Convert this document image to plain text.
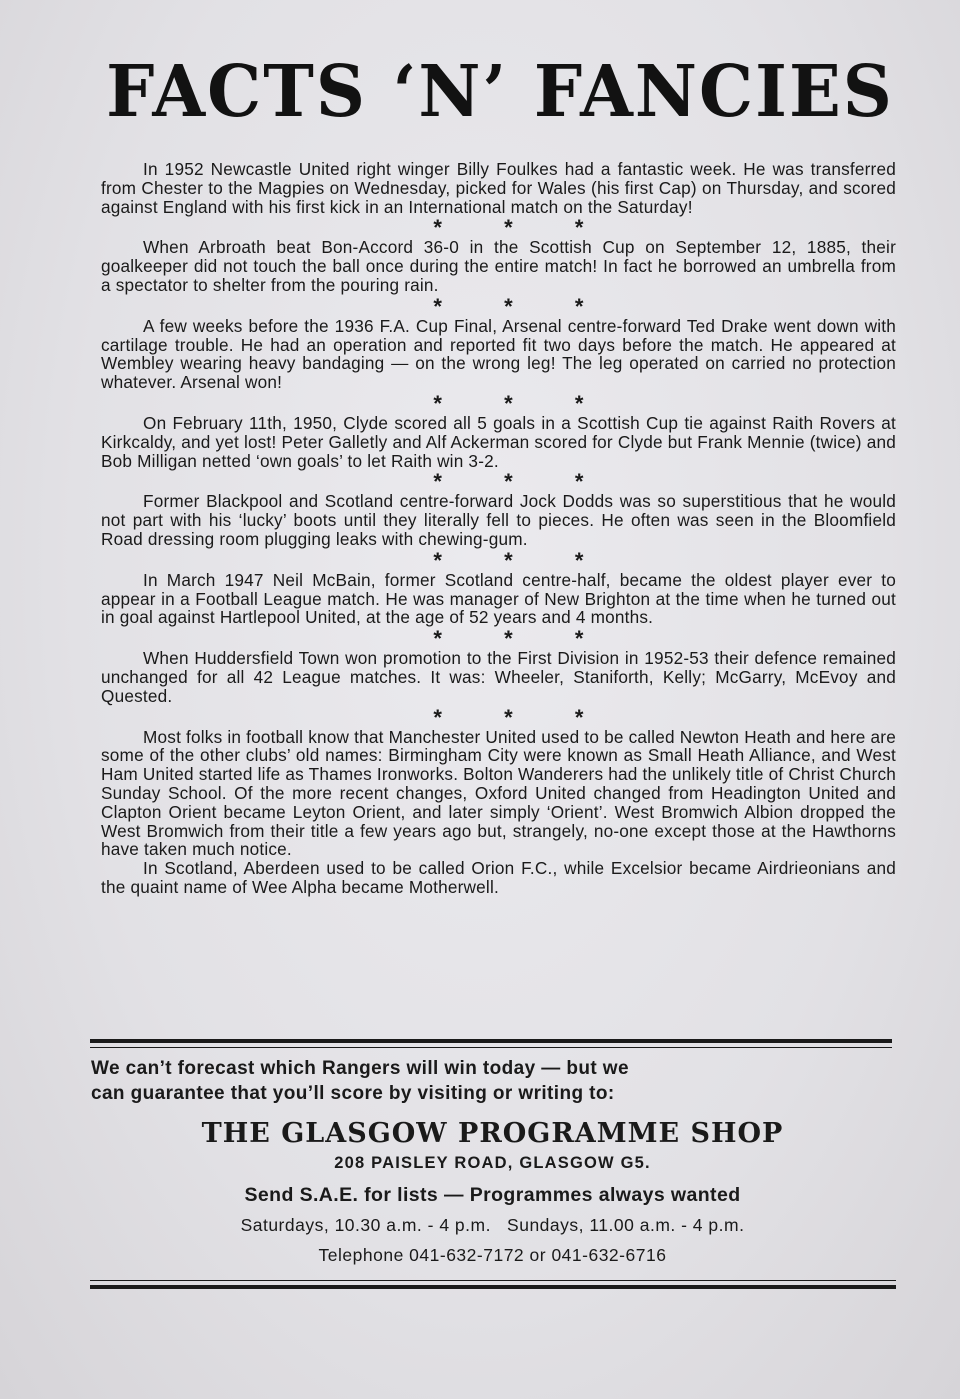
FACTS ‘N’ FANCIES

In 1952 Newcastle United right winger Billy Foulkes had a fantastic week. He was transferred from Chester to the Magpies on Wednesday, picked for Wales (his first Cap) on Thursday, and scored against England with his first kick in an International match on the Saturday!

*	*	*

When Arbroath beat Bon-Accord 36-0 in the Scottish Cup on September 12, 1885, their goalkeeper did not touch the ball once during the entire match! In fact he borrowed an umbrella from a spectator to shelter from the pouring rain.

*	*	*

A few weeks before the 1936 F.A. Cup Final, Arsenal centre-forward Ted Drake went down with cartilage trouble. He had an operation and reported fit two days before the match. He appeared at Wembley wearing heavy bandaging — on the wrong leg! The leg operated on carried no protection whatever. Arsenal won!

*	*	*

On February 11th, 1950, Clyde scored all 5 goals in a Scottish Cup tie against Raith Rovers at Kirkcaldy, and yet lost! Peter Galletly and Alf Ackerman scored for Clyde but Frank Mennie (twice) and Bob Milligan netted ‘own goals’ to let Raith win 3-2.

*	*	*

Former Blackpool and Scotland centre-forward Jock Dodds was so superstitious that he would not part with his ‘lucky’ boots until they literally fell to pieces. He often was seen in the Bloomfield Road dressing room plugging leaks with chewing-gum.

*	*	*

In March 1947 Neil McBain, former Scotland centre-half, became the oldest player ever to appear in a Football League match. He was manager of New Brighton at the time when he turned out in goal against Hartlepool United, at the age of 52 years and 4 months.

*	*	*

When Huddersfield Town won promotion to the First Division in 1952-53 their defence remained unchanged for all 42 League matches. It was: Wheeler, Staniforth, Kelly; McGarry, McEvoy and Quested.

*	*	*

Most folks in football know that Manchester United used to be called Newton Heath and here are some of the other clubs’ old names: Birmingham City were known as Small Heath Alliance, and West Ham United started life as Thames Ironworks. Bolton Wanderers had the unlikely title of Christ Church Sunday School. Of the more recent changes, Oxford United changed from Headington United and Clapton Orient became Leyton Orient, and later simply ‘Orient’. West Bromwich Albion dropped the West Bromwich from their title a few years ago but, strangely, no-one except those at the Hawthorns have taken much notice.

In Scotland, Aberdeen used to be called Orion F.C., while Excelsior became Airdrieonians and the quaint name of Wee Alpha became Motherwell.

We can’t forecast which Rangers will win today — but we
can guarantee that you’ll score by visiting or writing to:
THE GLASGOW PROGRAMME SHOP
208 PAISLEY ROAD, GLASGOW G5.
Send S.A.E. for lists — Programmes always wanted
Saturdays, 10.30 a.m. - 4 p.m.   Sundays, 11.00 a.m. - 4 p.m.
Telephone 041-632-7172 or 041-632-6716
